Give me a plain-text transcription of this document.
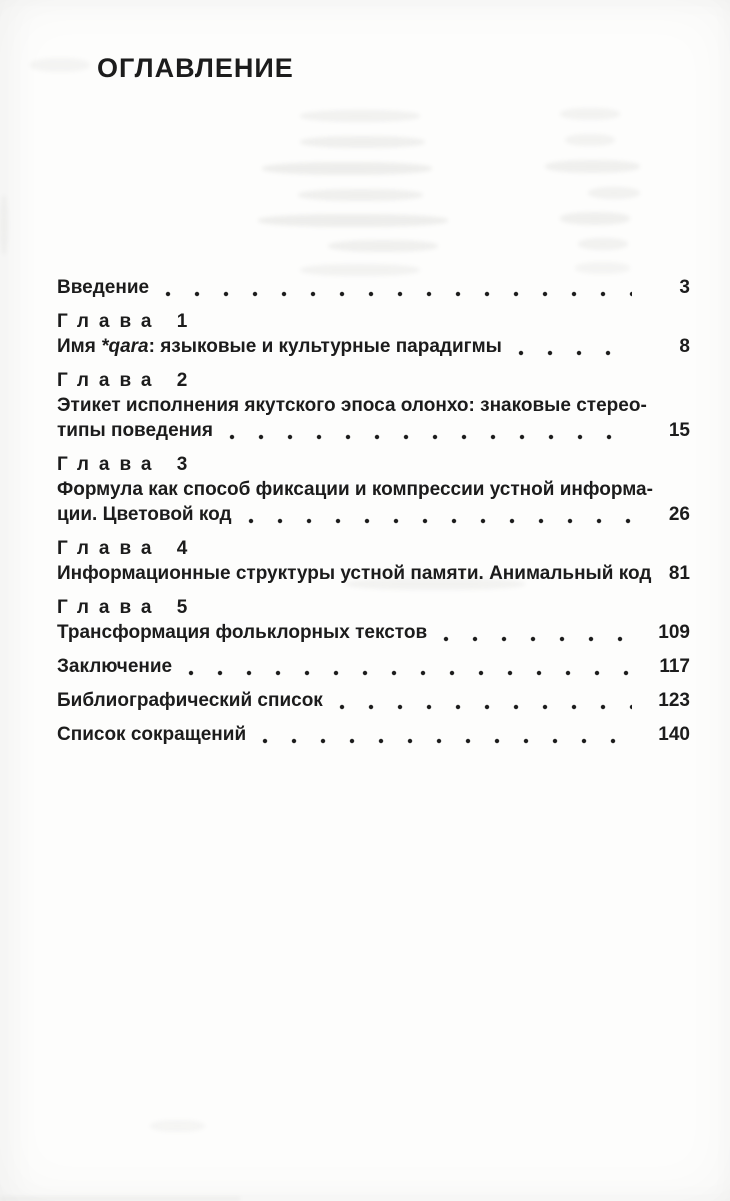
ОГЛАВЛЕНИЕ
Введение	3
Глава 1
Имя *qara: языковые и культурные парадигмы	8
Глава 2
Этикет исполнения якутского эпоса олонхо: знаковые стерео-
типы поведения	15
Глава 3
Формула как способ фиксации и компрессии устной информа-
ции. Цветовой код	26
Глава 4
Информационные структуры устной памяти. Анимальный код 81
Глава 5
Трансформация фольклорных текстов	109
Заключение	117
Библиографический список	123
Список сокращений	140
